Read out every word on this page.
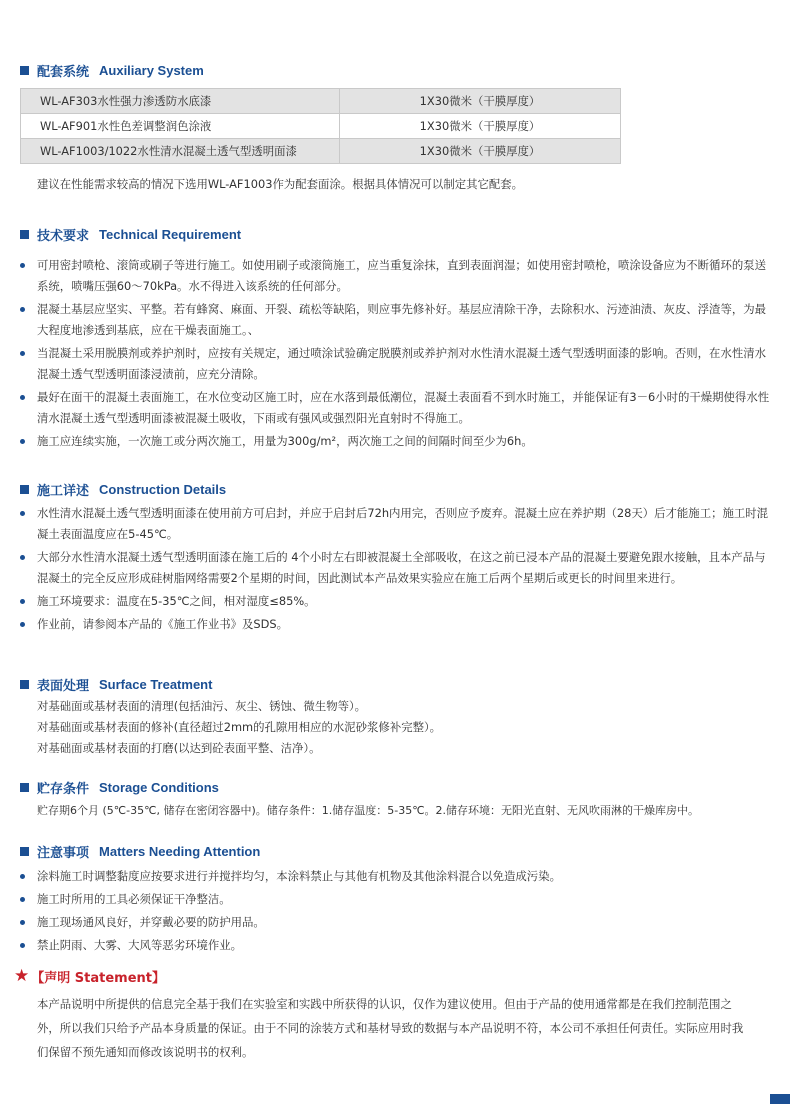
配套系统 Auxiliary System
WL-AF303水性强力渗透防水底漆	1X30微米（干膜厚度）
WL-AF901水性色差调整润色涂液	1X30微米（干膜厚度）
WL-AF1003/1022水性清水混凝土透气型透明面漆	1X30微米（干膜厚度）
建议在性能需求较高的情况下选用WL-AF1003作为配套面涂。根据具体情况可以制定其它配套。
技术要求 Technical Requirement
可用密封喷枪、滚筒或刷子等进行施工。如使用刷子或滚筒施工，应当重复涂抹，直到表面润湿；如使用密封喷枪，喷涂设备应为不断循环的泵送系统，喷嘴压强60～70kPa。水不得进入该系统的任何部分。
混凝土基层应坚实、平整。若有蜂窝、麻面、开裂、疏松等缺陷，则应事先修补好。基层应清除干净，去除积水、污迹油渍、灰皮、浮渣等，为最大程度地渗透到基底，应在干燥表面施工。、
当混凝土采用脱膜剂或养护剂时，应按有关规定，通过喷涂试验确定脱膜剂或养护剂对水性清水混凝土透气型透明面漆的影响。否则，在水性清水混凝土透气型透明面漆浸渍前，应充分清除。
最好在面干的混凝土表面施工，在水位变动区施工时，应在水落到最低潮位，混凝土表面看不到水时施工，并能保证有3－6小时的干燥期使得水性清水混凝土透气型透明面漆被混凝土吸收，下雨或有强风或强烈阳光直射时不得施工。
施工应连续实施，一次施工或分两次施工，用量为300g/m²，两次施工之间的间隔时间至少为6h。
施工详述 Construction Details
水性清水混凝土透气型透明面漆在使用前方可启封，并应于启封后72h内用完，否则应予废弃。混凝土应在养护期（28天）后才能施工；施工时混凝土表面温度应在5-45℃。
大部分水性清水混凝土透气型透明面漆在施工后的 4个小时左右即被混凝土全部吸收，在这之前已浸本产品的混凝土要避免跟水接触，且本产品与混凝土的完全反应形成硅树脂网络需要2个星期的时间，因此测试本产品效果实验应在施工后两个星期后或更长的时间里来进行。
施工环境要求：温度在5-35℃之间，相对湿度≤85%。
作业前，请参阅本产品的《施工作业书》及SDS。
表面处理 Surface Treatment
对基础面或基材表面的清理(包括油污、灰尘、锈蚀、微生物等）。
对基础面或基材表面的修补(直径超过2mm的孔隙用相应的水泥砂浆修补完整）。
对基础面或基材表面的打磨(以达到砼表面平整、洁净）。
贮存条件 Storage Conditions
贮存期6个月 (5℃-35℃, 储存在密闭容器中)。储存条件：1.储存温度：5-35℃。2.储存环境：无阳光直射、无风吹雨淋的干燥库房中。
注意事项 Matters Needing Attention
涂料施工时调整黏度应按要求进行并搅拌均匀，本涂料禁止与其他有机物及其他涂料混合以免造成污染。
施工时所用的工具必须保证干净整洁。
施工现场通风良好，并穿戴必要的防护用品。
禁止阴雨、大雾、大风等恶劣环境作业。
★ 【声明 Statement】
本产品说明中所提供的信息完全基于我们在实验室和实践中所获得的认识，仅作为建议使用。但由于产品的使用通常都是在我们控制范围之外，所以我们只给予产品本身质量的保证。由于不同的涂装方式和基材导致的数据与本产品说明不符，本公司不承担任何责任。实际应用时我们保留不预先通知而修改该说明书的权利。
